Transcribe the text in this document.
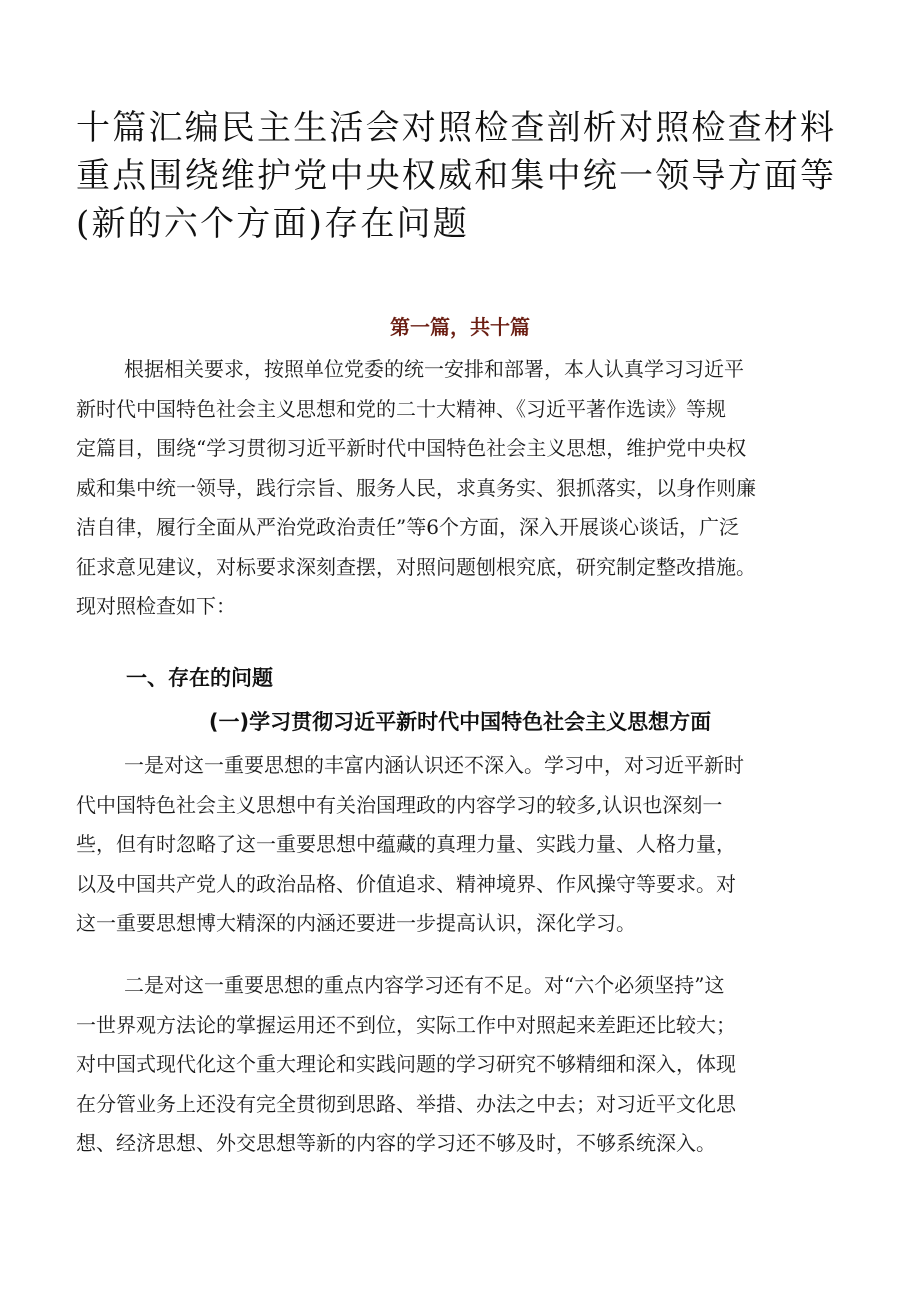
十篇汇编民主生活会对照检查剖析对照检查材料重点围绕维护党中央权威和集中统一领导方面等(新的六个方面)存在问题
第一篇，共十篇
根据相关要求，按照单位党委的统一安排和部署，本人认真学习习近平
新时代中国特色社会主义思想和党的二十大精神、《习近平著作选读》等规
定篇目，围绕“学习贯彻习近平新时代中国特色社会主义思想，维护党中央权
威和集中统一领导，践行宗旨、服务人民，求真务实、狠抓落实，以身作则廉
洁自律，履行全面从严治党政治责任”等6个方面，深入开展谈心谈话，广泛
征求意见建议，对标要求深刻查摆，对照问题刨根究底，研究制定整改措施。
现对照检查如下：
一、存在的问题
(一)学习贯彻习近平新时代中国特色社会主义思想方面
一是对这一重要思想的丰富内涵认识还不深入。学习中，对习近平新时
代中国特色社会主义思想中有关治国理政的内容学习的较多,认识也深刻一
些，但有时忽略了这一重要思想中蕴藏的真理力量、实践力量、人格力量，
以及中国共产党人的政治品格、价值追求、精神境界、作风操守等要求。对
这一重要思想博大精深的内涵还要进一步提高认识，深化学习。
二是对这一重要思想的重点内容学习还有不足。对“六个必须坚持”这
一世界观方法论的掌握运用还不到位，实际工作中对照起来差距还比较大；
对中国式现代化这个重大理论和实践问题的学习研究不够精细和深入，体现
在分管业务上还没有完全贯彻到思路、举措、办法之中去；对习近平文化思
想、经济思想、外交思想等新的内容的学习还不够及时，不够系统深入。
